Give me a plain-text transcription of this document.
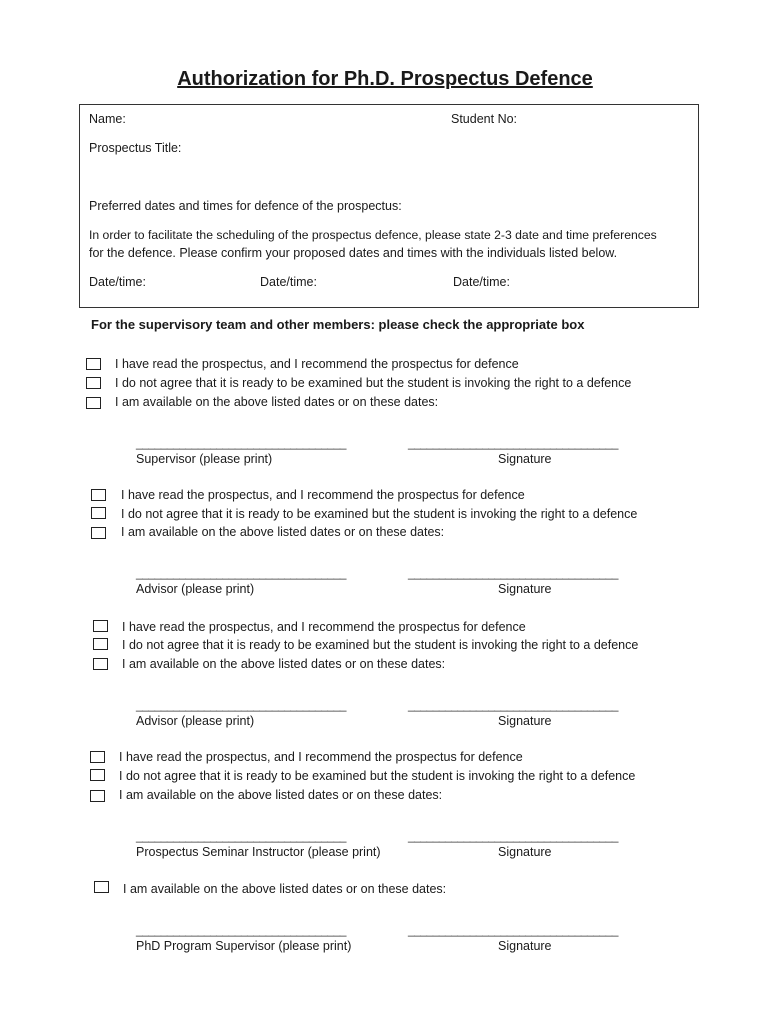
Authorization for Ph.D. Prospectus Defence
Name:	Student No:
Prospectus Title:
Preferred dates and times for defence of the prospectus:
In order to facilitate the scheduling of the prospectus defence, please state 2-3 date and time preferences
for the defence. Please confirm your proposed dates and times with the individuals listed below.
Date/time:	Date/time:	Date/time:
For the supervisory team and other members: please check the appropriate box
I have read the prospectus, and I recommend the prospectus for defence
I do not agree that it is ready to be examined but the student is invoking the right to a defence
I am available on the above listed dates or on these dates:
__________________________________	__________________________________
Supervisor (please print)	Signature
I have read the prospectus, and I recommend the prospectus for defence
I do not agree that it is ready to be examined but the student is invoking the right to a defence
I am available on the above listed dates or on these dates:
__________________________________	__________________________________
Advisor (please print)	Signature
I have read the prospectus, and I recommend the prospectus for defence
I do not agree that it is ready to be examined but the student is invoking the right to a defence
I am available on the above listed dates or on these dates:
__________________________________	__________________________________
Advisor (please print)	Signature
I have read the prospectus, and I recommend the prospectus for defence
I do not agree that it is ready to be examined but the student is invoking the right to a defence
I am available on the above listed dates or on these dates:
__________________________________	__________________________________
Prospectus Seminar Instructor (please print)	Signature
I am available on the above listed dates or on these dates:
__________________________________	__________________________________
PhD Program Supervisor (please print)	Signature
